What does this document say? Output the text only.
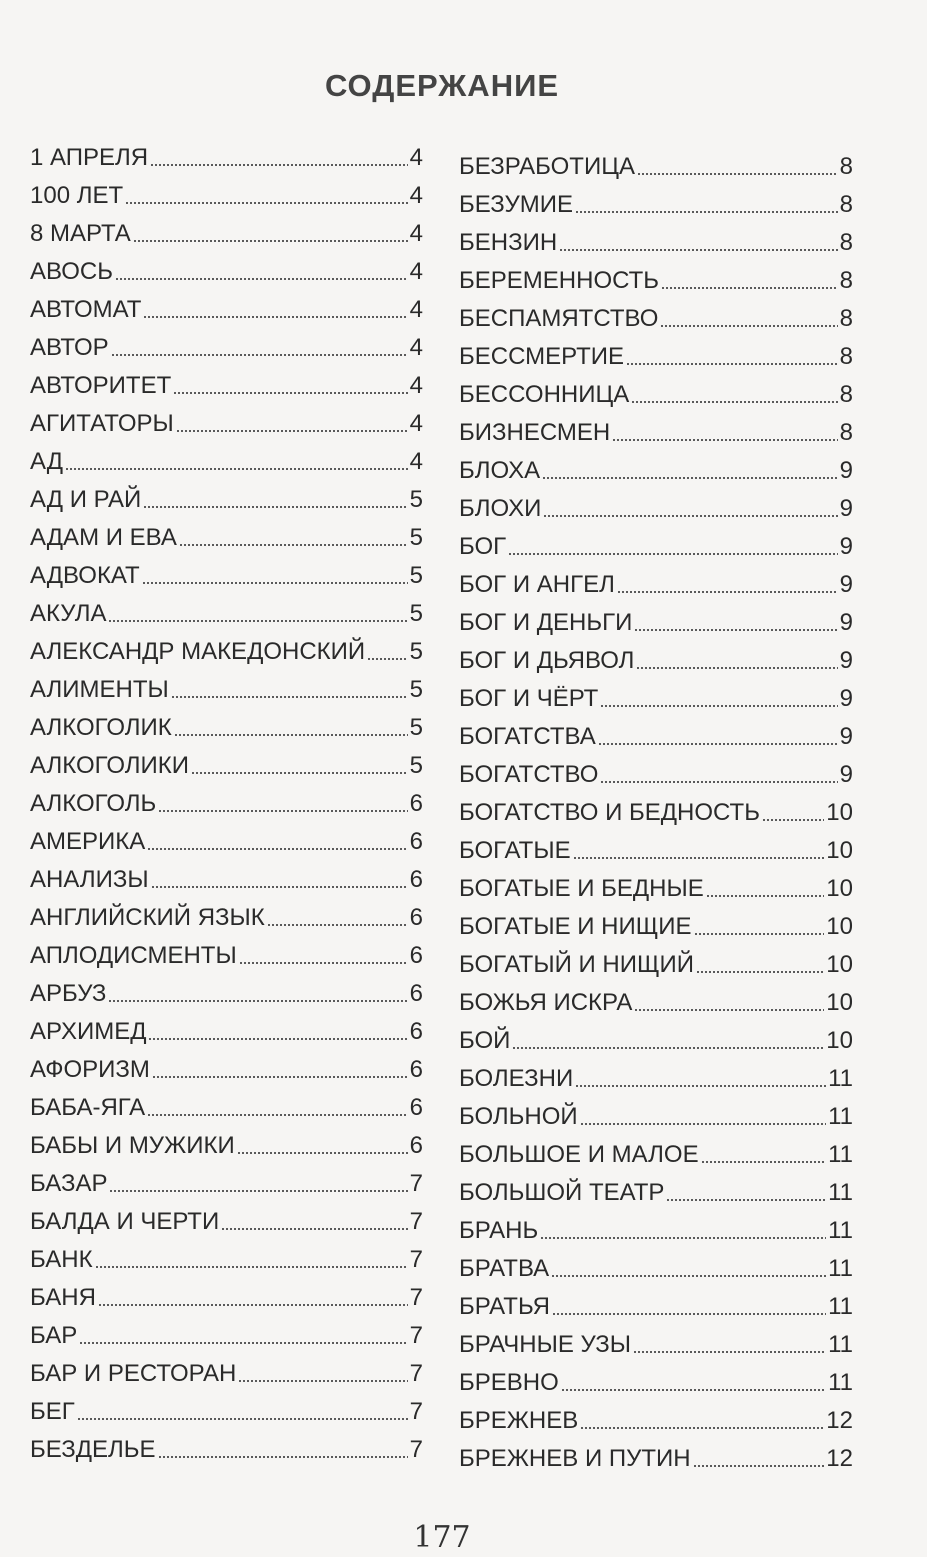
СОДЕРЖАНИЕ
1 АПРЕЛЯ	4
100 ЛЕТ	4
8 МАРТА	4
АВОСЬ	4
АВТОМАТ	4
АВТОР	4
АВТОРИТЕТ	4
АГИТАТОРЫ	4
АД	4
АД И РАЙ	5
АДАМ И ЕВА	5
АДВОКАТ	5
АКУЛА	5
АЛЕКСАНДР МАКЕДОНСКИЙ 5
АЛИМЕНТЫ	5
АЛКОГОЛИК	5
АЛКОГОЛИКИ	5
АЛКОГОЛЬ	6
АМЕРИКА	6
АНАЛИЗЫ	6
АНГЛИЙСКИЙ ЯЗЫК	6
АПЛОДИСМЕНТЫ	6
АРБУЗ	6
АРХИМЕД	6
АФОРИЗМ	6
БАБА-ЯГА	6
БАБЫ И МУЖИКИ	6
БАЗАР	7
БАЛДА И ЧЕРТИ	7
БАНК	7
БАНЯ	7
БАР	7
БАР И РЕСТОРАН	7
БЕГ	7
БЕЗДЕЛЬЕ	7
БЕЗРАБОТИЦА	8
БЕЗУМИЕ	8
БЕНЗИН	8
БЕРЕМЕННОСТЬ	8
БЕСПАМЯТСТВО	8
БЕССМЕРТИЕ	8
БЕССОННИЦА	8
БИЗНЕСМЕН	8
БЛОХА	9
БЛОХИ	9
БОГ	9
БОГ И АНГЕЛ	9
БОГ И ДЕНЬГИ	9
БОГ И ДЬЯВОЛ	9
БОГ И ЧЁРТ	9
БОГАТСТВА	9
БОГАТСТВО	9
БОГАТСТВО И БЕДНОСТЬ	10
БОГАТЫЕ	10
БОГАТЫЕ И БЕДНЫЕ	10
БОГАТЫЕ И НИЩИЕ	10
БОГАТЫЙ И НИЩИЙ	10
БОЖЬЯ ИСКРА	10
БОЙ	10
БОЛЕЗНИ	11
БОЛЬНОЙ	11
БОЛЬШОЕ И МАЛОЕ	11
БОЛЬШОЙ ТЕАТР	11
БРАНЬ	11
БРАТВА	11
БРАТЬЯ	11
БРАЧНЫЕ УЗЫ	11
БРЕВНО	11
БРЕЖНЕВ	12
БРЕЖНЕВ И ПУТИН	12
177
